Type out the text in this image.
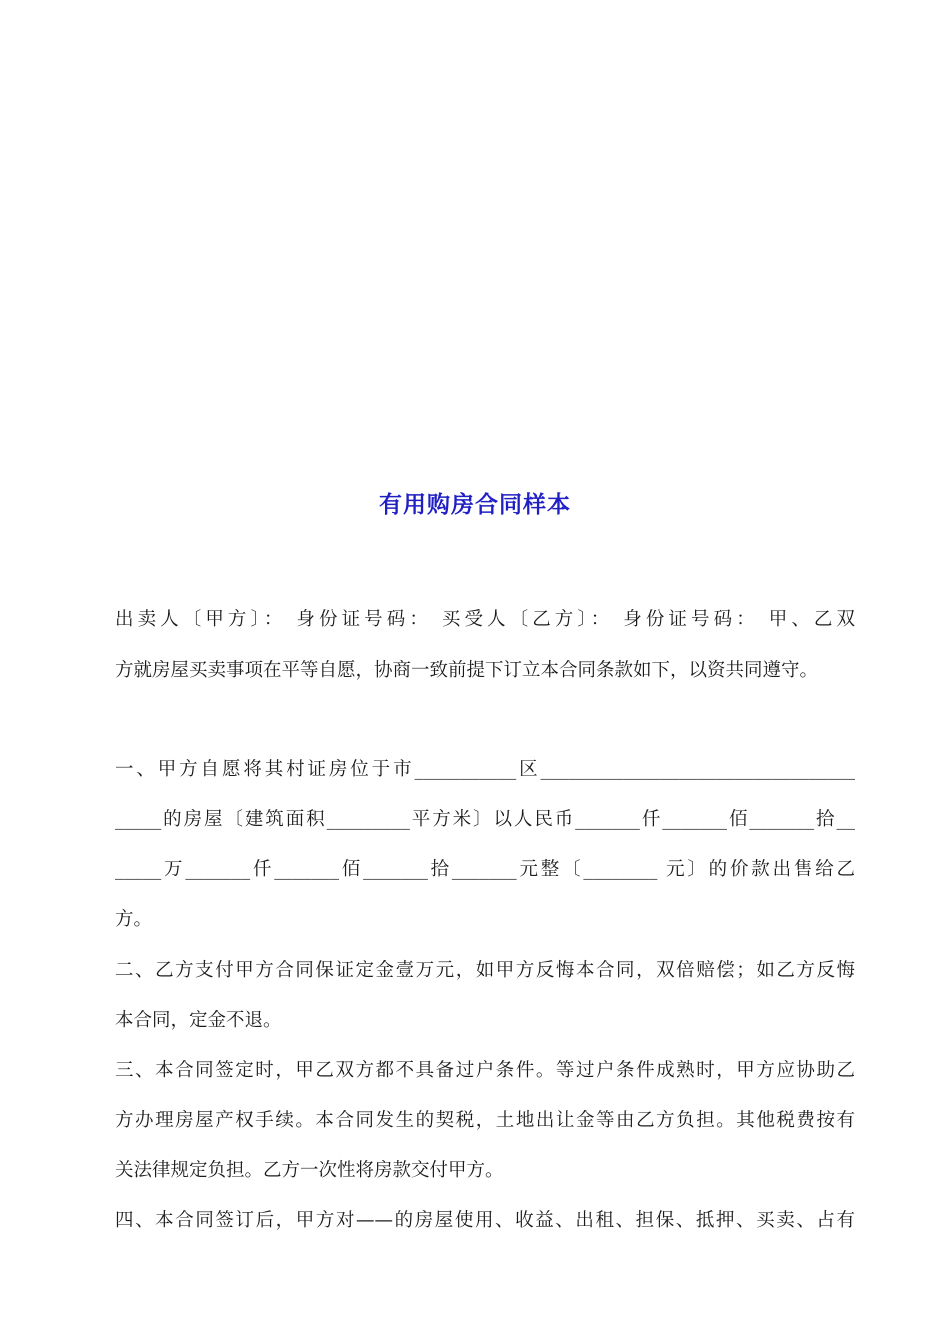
有用购房合同样本
出卖人〔甲方〕： 身份证号码： 买受人〔乙方〕： 身份证号码： 甲、乙双
方就房屋买卖事项在平等自愿，协商一致前提下订立本合同条款如下，以资共同遵守。
一、甲方自愿将其村证房位于市___________区__________________________________
_____的房屋〔建筑面积_________平方米〕以人民币_______仟_______佰_______拾__
_____万_______仟_______佰_______拾_______元整〔________ 元〕的价款出售给乙
方。
二、乙方支付甲方合同保证定金壹万元，如甲方反悔本合同，双倍赔偿；如乙方反悔
本合同，定金不退。
三、本合同签定时，甲乙双方都不具备过户条件。等过户条件成熟时，甲方应协助乙
方办理房屋产权手续。本合同发生的契税，土地出让金等由乙方负担。其他税费按有
关法律规定负担。乙方一次性将房款交付甲方。
四、本合同签订后，甲方对——的房屋使用、收益、出租、担保、抵押、买卖、占有
